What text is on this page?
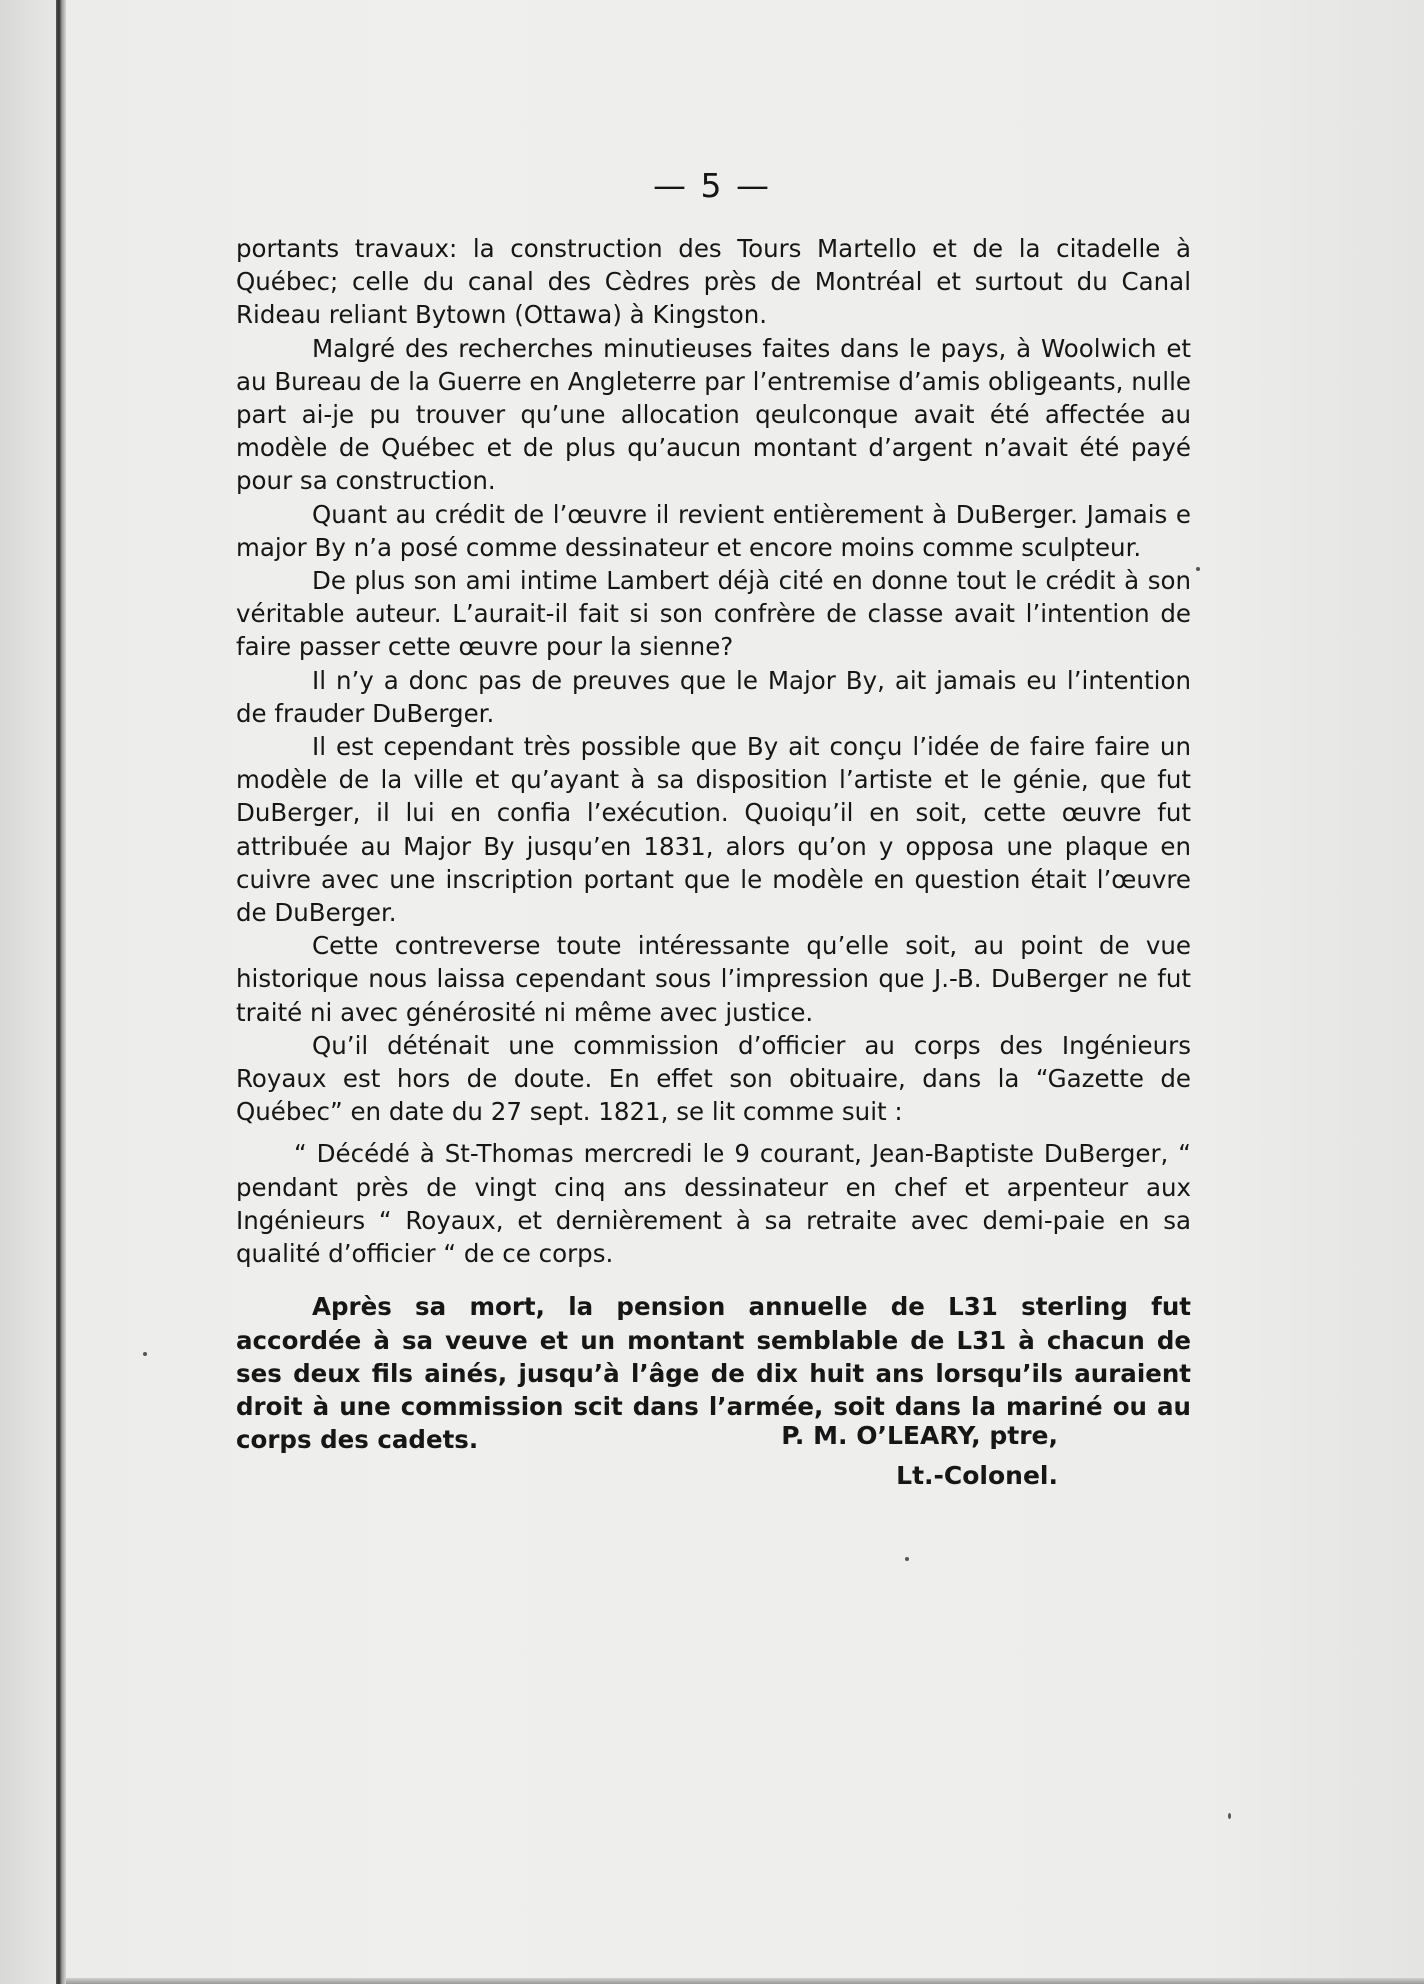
— 5 —

portants travaux: la construction des Tours Martello et de la citadelle à Québec; celle du canal des Cèdres près de Montréal et surtout du Canal Rideau reliant Bytown (Ottawa) à Kingston.

Malgré des recherches minutieuses faites dans le pays, à Woolwich et au Bureau de la Guerre en Angleterre par l’entremise d’amis obligeants, nulle part ai-je pu trouver qu’une allocation qeulconque avait été affectée au modèle de Québec et de plus qu’aucun montant d’argent n’avait été payé pour sa construction.

Quant au crédit de l’œuvre il revient entièrement à DuBerger. Jamais e major By n’a posé comme dessinateur et encore moins comme sculpteur.

De plus son ami intime Lambert déjà cité en donne tout le crédit à son véritable auteur. L’aurait-il fait si son confrère de classe avait l’intention de faire passer cette œuvre pour la sienne?

Il n’y a donc pas de preuves que le Major By, ait jamais eu l’intention de frauder DuBerger.

Il est cependant très possible que By ait conçu l’idée de faire faire un modèle de la ville et qu’ayant à sa disposition l’artiste et le génie, que fut DuBerger, il lui en confia l’exécution. Quoiqu’il en soit, cette œuvre fut attribuée au Major By jusqu’en 1831, alors qu’on y opposa une plaque en cuivre avec une inscription portant que le modèle en question était l’œuvre de DuBerger.

Cette contreverse toute intéressante qu’elle soit, au point de vue historique nous laissa cependant sous l’impression que J.-B. DuBerger ne fut traité ni avec générosité ni même avec justice.

Qu’il déténait une commission d’officier au corps des Ingénieurs Royaux est hors de doute. En effet son obituaire, dans la “Gazette de Québec” en date du 27 sept. 1821, se lit comme suit :

“ Décédé à St-Thomas mercredi le 9 courant, Jean-Baptiste DuBerger, “ pendant près de vingt cinq ans dessinateur en chef et arpenteur aux Ingénieurs “ Royaux, et dernièrement à sa retraite avec demi-paie en sa qualité d’officier “ de ce corps.

Après sa mort, la pension annuelle de L31 sterling fut accordée à sa veuve et un montant semblable de L31 à chacun de ses deux fils ainés, jusqu’à l’âge de dix huit ans lorsqu’ils auraient droit à une commission scit dans l’armée, soit dans la mariné ou au corps des cadets.	P. M. O’LEARY, ptre,
Lt.-Colonel.
